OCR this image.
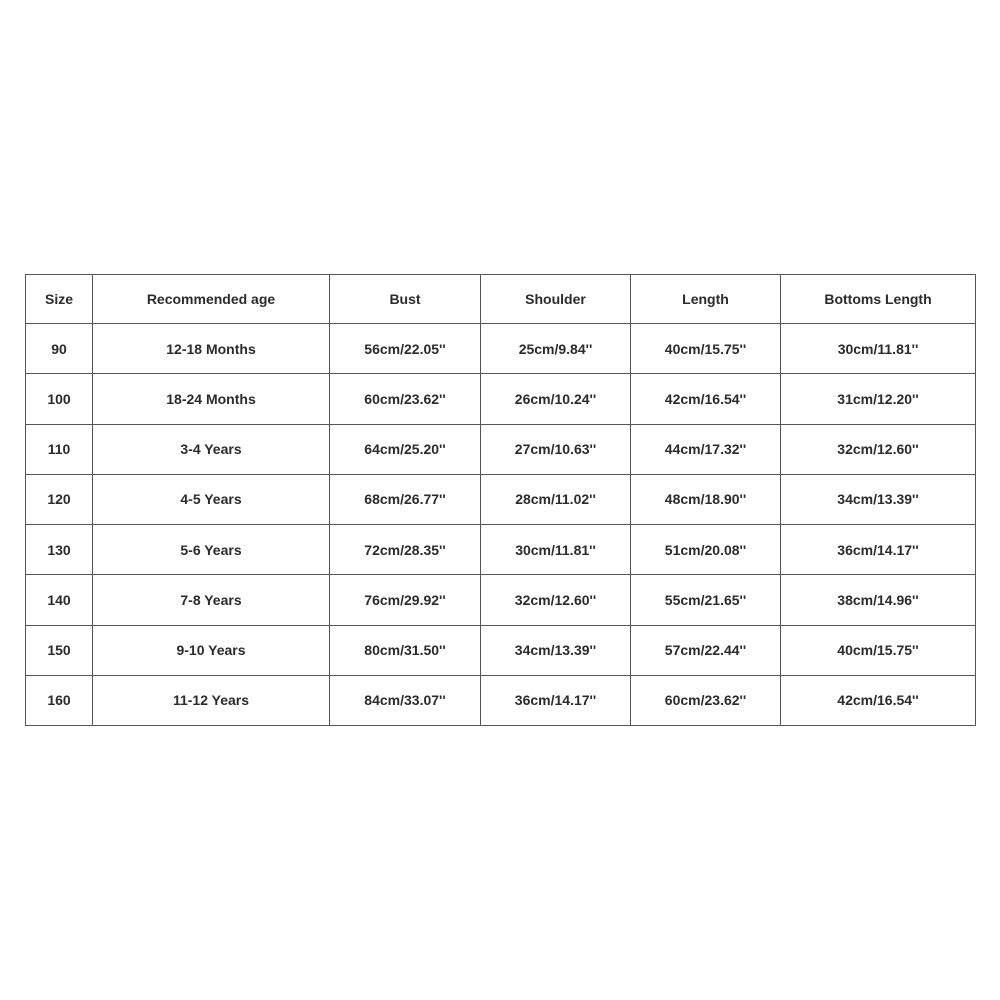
Size	Recommended age	Bust	Shoulder	Length	Bottoms Length
90	12-18 Months	56cm/22.05''	25cm/9.84''	40cm/15.75''	30cm/11.81''
100	18-24 Months	60cm/23.62''	26cm/10.24''	42cm/16.54''	31cm/12.20''
110	3-4 Years	64cm/25.20''	27cm/10.63''	44cm/17.32''	32cm/12.60''
120	4-5 Years	68cm/26.77''	28cm/11.02''	48cm/18.90''	34cm/13.39''
130	5-6 Years	72cm/28.35''	30cm/11.81''	51cm/20.08''	36cm/14.17''
140	7-8 Years	76cm/29.92''	32cm/12.60''	55cm/21.65''	38cm/14.96''
150	9-10 Years	80cm/31.50''	34cm/13.39''	57cm/22.44''	40cm/15.75''
160	11-12 Years	84cm/33.07''	36cm/14.17''	60cm/23.62''	42cm/16.54''
